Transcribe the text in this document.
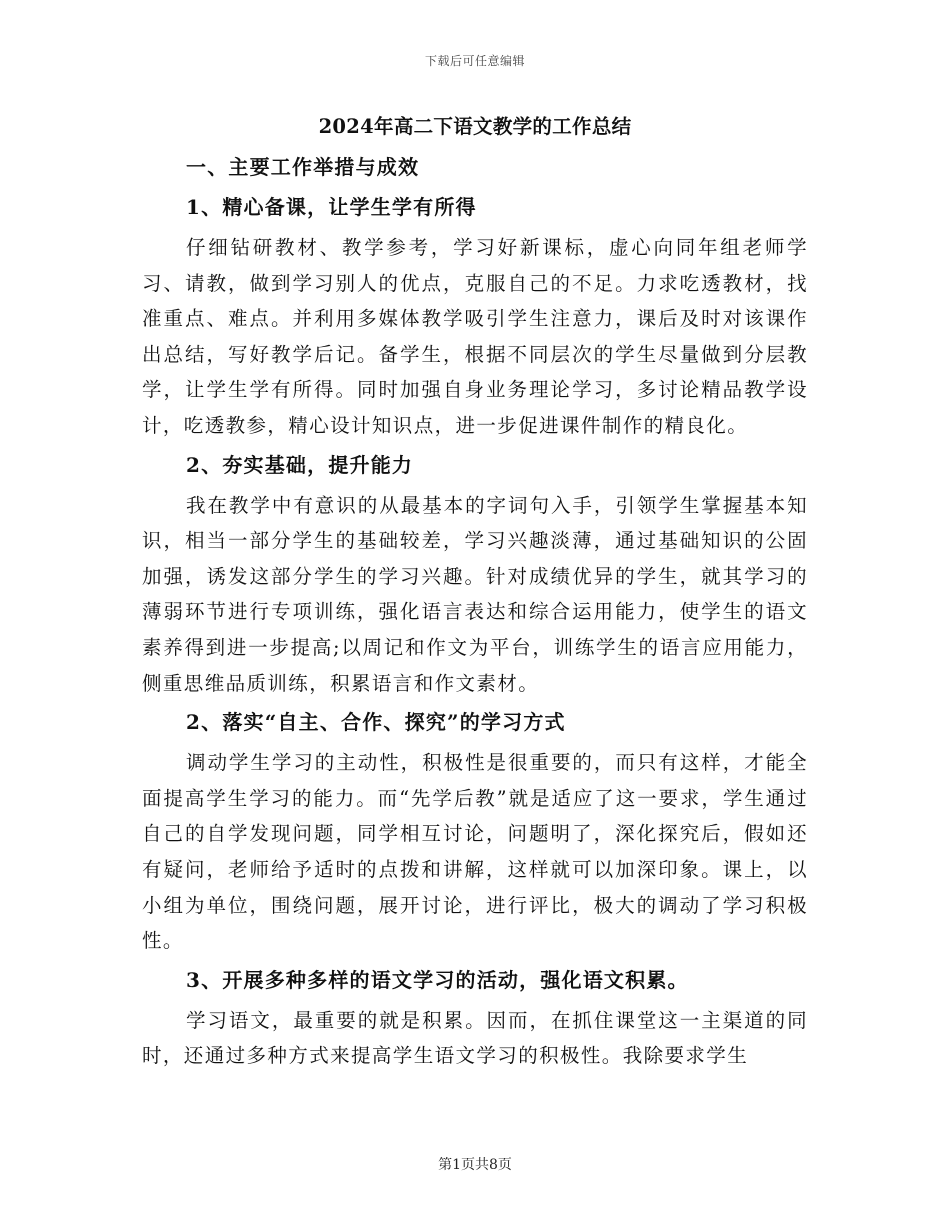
下载后可任意编辑
2024年高二下语文教学的工作总结
一、主要工作举措与成效
1、精心备课，让学生学有所得

仔细钻研教材、教学参考，学习好新课标，虚心向同年组老师学习、请教，做到学习别人的优点，克服自己的不足。力求吃透教材，找准重点、难点。并利用多媒体教学吸引学生注意力，课后及时对该课作出总结，写好教学后记。备学生，根据不同层次的学生尽量做到分层教学，让学生学有所得。同时加强自身业务理论学习，多讨论精品教学设计，吃透教参，精心设计知识点，进一步促进课件制作的精良化。

2、夯实基础，提升能力

我在教学中有意识的从最基本的字词句入手，引领学生掌握基本知识，相当一部分学生的基础较差，学习兴趣淡薄，通过基础知识的公固加强，诱发这部分学生的学习兴趣。针对成绩优异的学生，就其学习的薄弱环节进行专项训练，强化语言表达和综合运用能力，使学生的语文素养得到进一步提高;以周记和作文为平台，训练学生的语言应用能力，侧重思维品质训练，积累语言和作文素材。

2、落实“自主、合作、探究”的学习方式

调动学生学习的主动性，积极性是很重要的，而只有这样，才能全面提高学生学习的能力。而“先学后教”就是适应了这一要求，学生通过自己的自学发现问题，同学相互讨论，问题明了，深化探究后，假如还有疑问，老师给予适时的点拨和讲解，这样就可以加深印象。课上，以小组为单位，围绕问题，展开讨论，进行评比，极大的调动了学习积极性。

3、开展多种多样的语文学习的活动，强化语文积累。

学习语文，最重要的就是积累。因而，在抓住课堂这一主渠道的同时，还通过多种方式来提高学生语文学习的积极性。我除要求学生

第1页共8页
